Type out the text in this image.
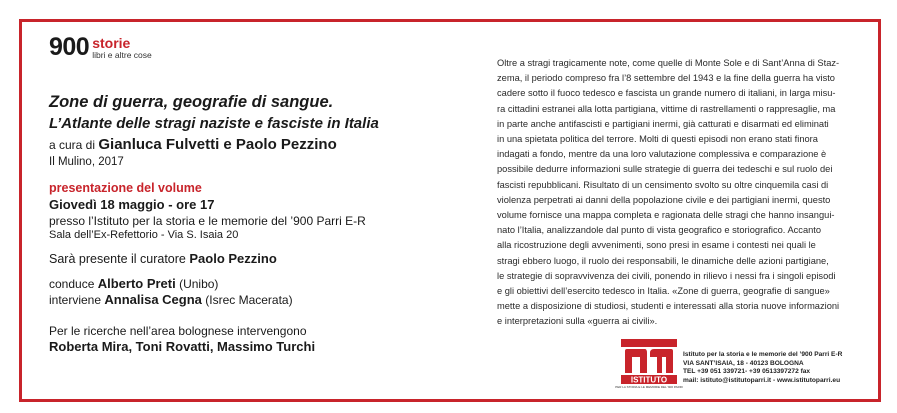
900 storie
libri e altre cose
Zone di guerra, geografie di sangue.
L’Atlante delle stragi naziste e fasciste in Italia
a cura di Gianluca Fulvetti e Paolo Pezzino
Il Mulino, 2017
presentazione del volume
Giovedì 18 maggio - ore 17
presso l’Istituto per la storia e le memorie del ’900 Parri E-R
Sala dell’Ex-Refettorio - Via S. Isaia 20
Sarà presente il curatore Paolo Pezzino
conduce Alberto Preti (Unibo)
interviene Annalisa Cegna (Isrec Macerata)
Per le ricerche nell’area bolognese intervengono
Roberta Mira, Toni Rovatti, Massimo Turchi
Oltre a stragi tragicamente note, come quelle di Monte Sole e di Sant’Anna di Staz-
zema, il periodo compreso fra l’8 settembre del 1943 e la fine della guerra ha visto
cadere sotto il fuoco tedesco e fascista un grande numero di italiani, in larga misu-
ra cittadini estranei alla lotta partigiana, vittime di rastrellamenti o rappresaglie, ma
in parte anche antifascisti e partigiani inermi, già catturati e disarmati ed eliminati
in una spietata politica del terrore. Molti di questi episodi non erano stati finora
indagati a fondo, mentre da una loro valutazione complessiva e comparazione è
possibile dedurre informazioni sulle strategie di guerra dei tedeschi e sul ruolo dei
fascisti repubblicani. Risultato di un censimento svolto su oltre cinquemila casi di
violenza perpetrati ai danni della popolazione civile e dei partigiani inermi, questo
volume fornisce una mappa completa e ragionata delle stragi che hanno insangui-
nato l’Italia, analizzandole dal punto di vista geografico e storiografico. Accanto
alla ricostruzione degli avvenimenti, sono presi in esame i contesti nei quali le
stragi ebbero luogo, il ruolo dei responsabili, le dinamiche delle azioni partigiane,
le strategie di sopravvivenza dei civili, ponendo in rilievo i nessi fra i singoli episodi
e gli obiettivi dell’esercito tedesco in Italia. «Zone di guerra, geografie di sangue»
mette a disposizione di studiosi, studenti e interessati alla storia nuove informazioni
e interpretazioni sulla «guerra ai civili».
ISTITUTO
PER LA STORIA E LE MEMORIE DEL '900 PARRI
Istituto per la storia e le memorie del ’900 Parri E-R
VIA SANT’ISAIA, 18 - 40123 BOLOGNA
TEL +39 051 339721- +39 0513397272 fax
mail: istituto@istitutoparri.it - www.istitutoparri.eu
